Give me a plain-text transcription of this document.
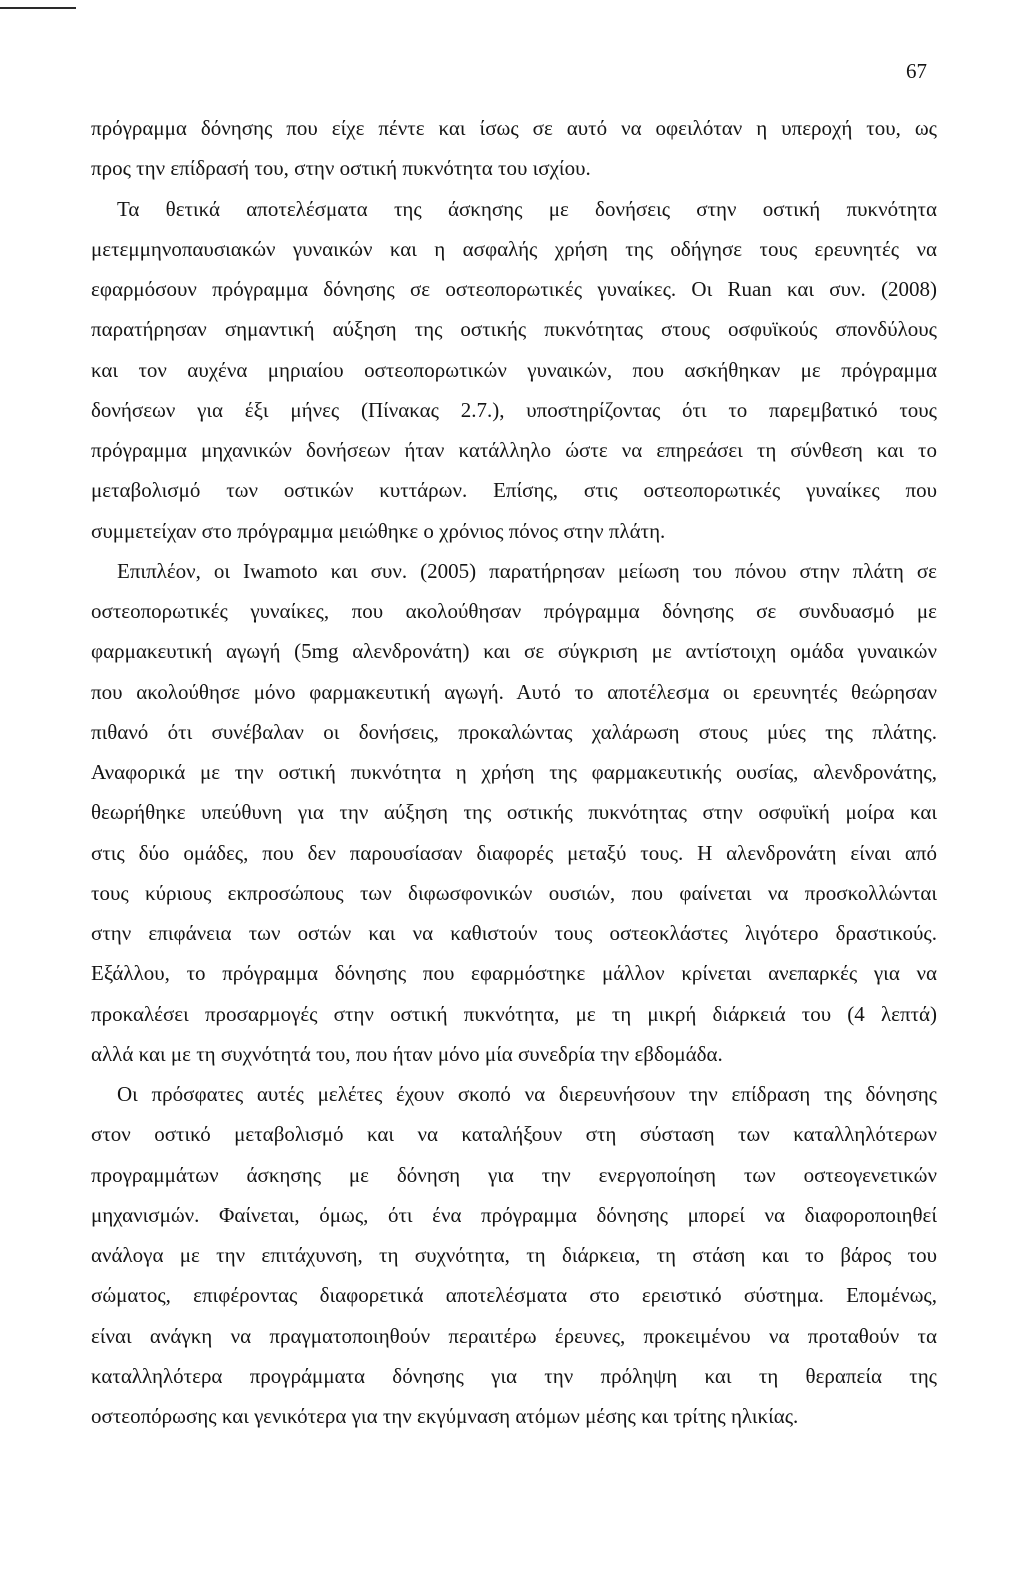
67
πρόγραμμα δόνησης που είχε πέντε και ίσως σε αυτό να οφειλόταν η υπεροχή του, ως
προς την επίδρασή του, στην οστική πυκνότητα του ισχίου.
Τα θετικά αποτελέσματα της άσκησης με δονήσεις στην οστική πυκνότητα
μετεμμηνοπαυσιακών γυναικών και η ασφαλής χρήση της οδήγησε τους ερευνητές να
εφαρμόσουν πρόγραμμα δόνησης σε οστεοπορωτικές γυναίκες. Οι Ruan και συν. (2008)
παρατήρησαν σημαντική αύξηση της οστικής πυκνότητας στους οσφυϊκούς σπονδύλους
και τον αυχένα μηριαίου οστεοπορωτικών γυναικών, που ασκήθηκαν με πρόγραμμα
δονήσεων για έξι μήνες (Πίνακας 2.7.), υποστηρίζοντας ότι το παρεμβατικό τους
πρόγραμμα μηχανικών δονήσεων ήταν κατάλληλο ώστε να επηρεάσει τη σύνθεση και το
μεταβολισμό των οστικών κυττάρων. Επίσης, στις οστεοπορωτικές γυναίκες που
συμμετείχαν στο πρόγραμμα μειώθηκε ο χρόνιος πόνος στην πλάτη.
Επιπλέον, οι Iwamoto και συν. (2005) παρατήρησαν μείωση του πόνου στην πλάτη σε
οστεοπορωτικές γυναίκες, που ακολούθησαν πρόγραμμα δόνησης σε συνδυασμό με
φαρμακευτική αγωγή (5mg αλενδρονάτη) και σε σύγκριση με αντίστοιχη ομάδα γυναικών
που ακολούθησε μόνο φαρμακευτική αγωγή. Αυτό το αποτέλεσμα οι ερευνητές θεώρησαν
πιθανό ότι συνέβαλαν οι δονήσεις, προκαλώντας χαλάρωση στους μύες της πλάτης.
Αναφορικά με την οστική πυκνότητα η χρήση της φαρμακευτικής ουσίας, αλενδρονάτης,
θεωρήθηκε υπεύθυνη για την αύξηση της οστικής πυκνότητας στην οσφυϊκή μοίρα και
στις δύο ομάδες, που δεν παρουσίασαν διαφορές μεταξύ τους. Η αλενδρονάτη είναι από
τους κύριους εκπροσώπους των διφωσφονικών ουσιών, που φαίνεται να προσκολλώνται
στην επιφάνεια των οστών και να καθιστούν τους οστεοκλάστες λιγότερο δραστικούς.
Εξάλλου, το πρόγραμμα δόνησης που εφαρμόστηκε μάλλον κρίνεται ανεπαρκές για να
προκαλέσει προσαρμογές στην οστική πυκνότητα, με τη μικρή διάρκειά του (4 λεπτά)
αλλά και με τη συχνότητά του, που ήταν μόνο μία συνεδρία την εβδομάδα.
Οι πρόσφατες αυτές μελέτες έχουν σκοπό να διερευνήσουν την επίδραση της δόνησης
στον οστικό μεταβολισμό και να καταλήξουν στη σύσταση των καταλληλότερων
προγραμμάτων άσκησης με δόνηση για την ενεργοποίηση των οστεογενετικών
μηχανισμών. Φαίνεται, όμως, ότι ένα πρόγραμμα δόνησης μπορεί να διαφοροποιηθεί
ανάλογα με την επιτάχυνση, τη συχνότητα, τη διάρκεια, τη στάση και το βάρος του
σώματος, επιφέροντας διαφορετικά αποτελέσματα στο ερειστικό σύστημα. Επομένως,
είναι ανάγκη να πραγματοποιηθούν περαιτέρω έρευνες, προκειμένου να προταθούν τα
καταλληλότερα προγράμματα δόνησης για την πρόληψη και τη θεραπεία της
οστεοπόρωσης και γενικότερα για την εκγύμναση ατόμων μέσης και τρίτης ηλικίας.
